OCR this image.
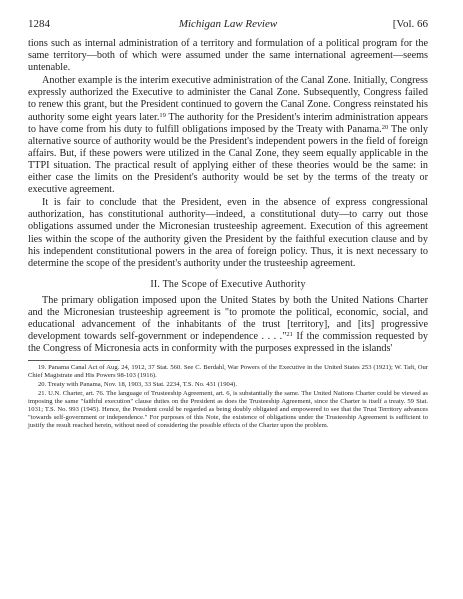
1284	Michigan Law Review	[Vol. 66

tions such as internal administration of a territory and formulation of a political program for the same territory—both of which were assumed under the same international agreement—seems untenable.

Another example is the interim executive administration of the Canal Zone. Initially, Congress expressly authorized the Executive to administer the Canal Zone. Subsequently, Congress failed to renew this grant, but the President continued to govern the Canal Zone. Congress reinstated his authority some eight years later.$^{19}$ The authority for the President's interim administration appears to have come from his duty to fulfill obligations imposed by the Treaty with Panama.$^{20}$ The only alternative source of authority would be the President's independent powers in the field of foreign affairs. But, if these powers were utilized in the Canal Zone, they seem equally applicable in the TTPI situation. The practical result of applying either of these theories would be the same: in either case the limits on the President's authority would be set by the terms of the treaty or executive agreement.

It is fair to conclude that the President, even in the absence of express congressional authorization, has constitutional authority—indeed, a constitutional duty—to carry out those obligations assumed under the Micronesian trusteeship agreement. Execution of this agreement lies within the scope of the authority given the President by the faithful execution clause and by his independent constitutional powers in the area of foreign policy. Thus, it is next necessary to determine the scope of the president's authority under the trusteeship agreement.

II. The Scope of Executive Authority

The primary obligation imposed upon the United States by both the United Nations Charter and the Micronesian trusteeship agreement is "to promote the political, economic, social, and educational advancement of the inhabitants of the trust [territory], and [its] progressive development towards self-government or independence . . . ."$^{21}$ If the commission requested by the Congress of Micronesia acts in conformity with the purposes expressed in the islands'

19. Panama Canal Act of Aug. 24, 1912, 37 Stat. 560. See C. Berdahl, War Powers of the Executive in the United States 253 (1921); W. Taft, Our Chief Magistrate and His Powers 98-103 (1916).

20. Treaty with Panama, Nov. 18, 1903, 33 Stat. 2234, T.S. No. 431 (1904).

21. U.N. Charter, art. 76. The language of Trusteeship Agreement, art. 6, is substantially the same. The United Nations Charter could be viewed as imposing the same "faithful execution" clause duties on the President as does the Trusteeship Agreement, since the Charter is itself a treaty. 59 Stat. 1031; T.S. No. 993 (1945). Hence, the President could be regarded as being doubly obligated and empowered to see that the Trust Territory advances "towards self-government or independence." For purposes of this Note, the existence of obligations under the Trusteeship Agreement is sufficient to justify the result reached herein, without need of considering the possible effects of the Charter upon the problem.
